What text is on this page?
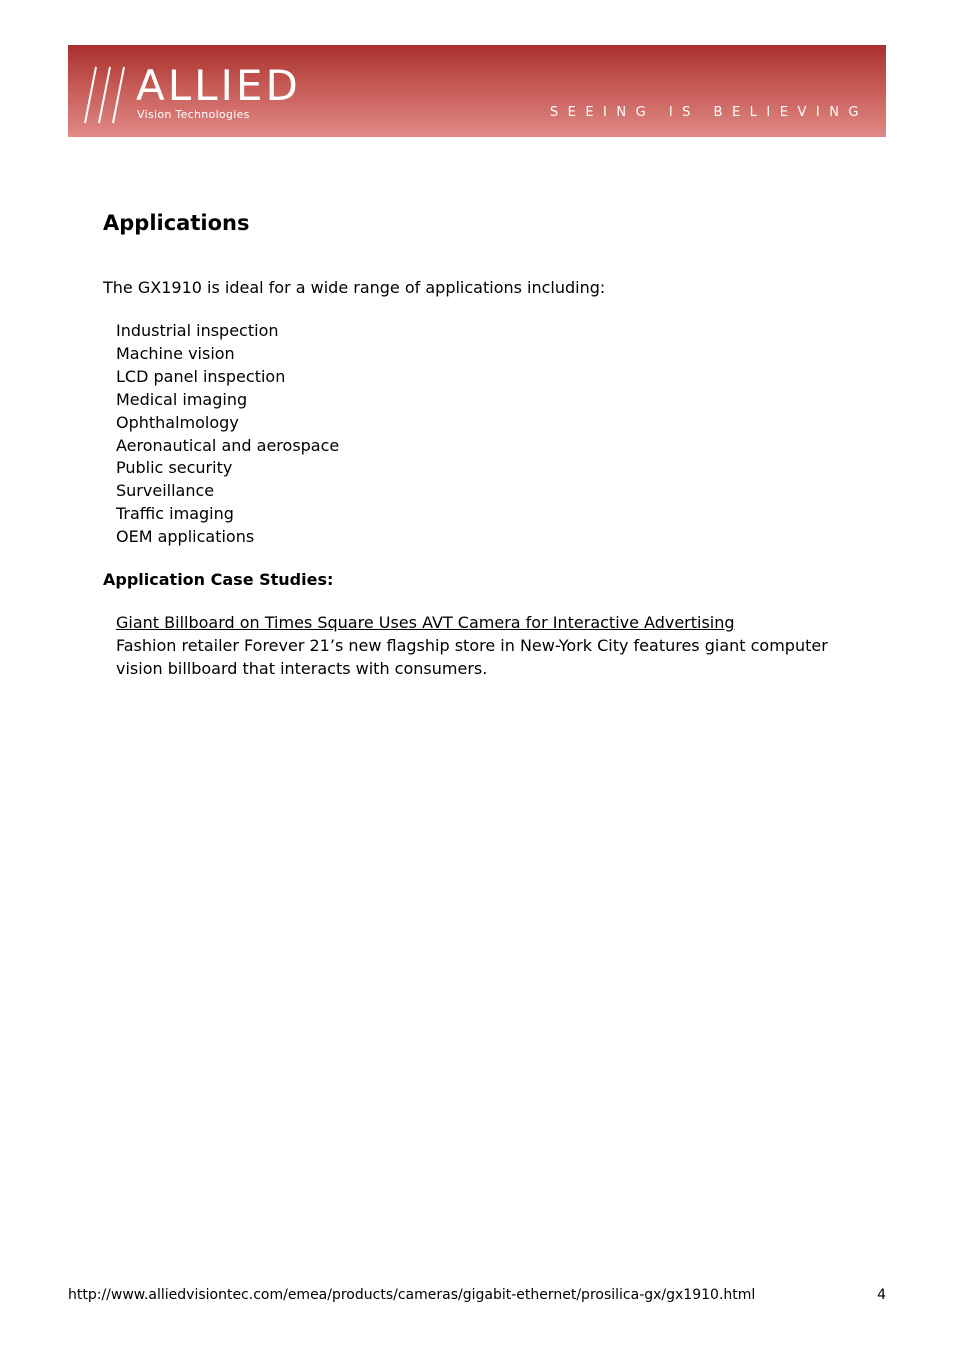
ALLIED
Vision Technologies	SEEING IS BELIEVING
Applications

The GX1910 is ideal for a wide range of applications including:

Industrial inspection
Machine vision
LCD panel inspection
Medical imaging
Ophthalmology
Aeronautical and aerospace
Public security
Surveillance
Traffic imaging
OEM applications
Application Case Studies:
Giant Billboard on Times Square Uses AVT Camera for Interactive Advertising

Fashion retailer Forever 21’s new flagship store in New-York City features giant computer vision billboard that interacts with consumers.

http://www.alliedvisiontec.com/emea/products/cameras/gigabit-ethernet/prosilica-gx/gx1910.html	4
